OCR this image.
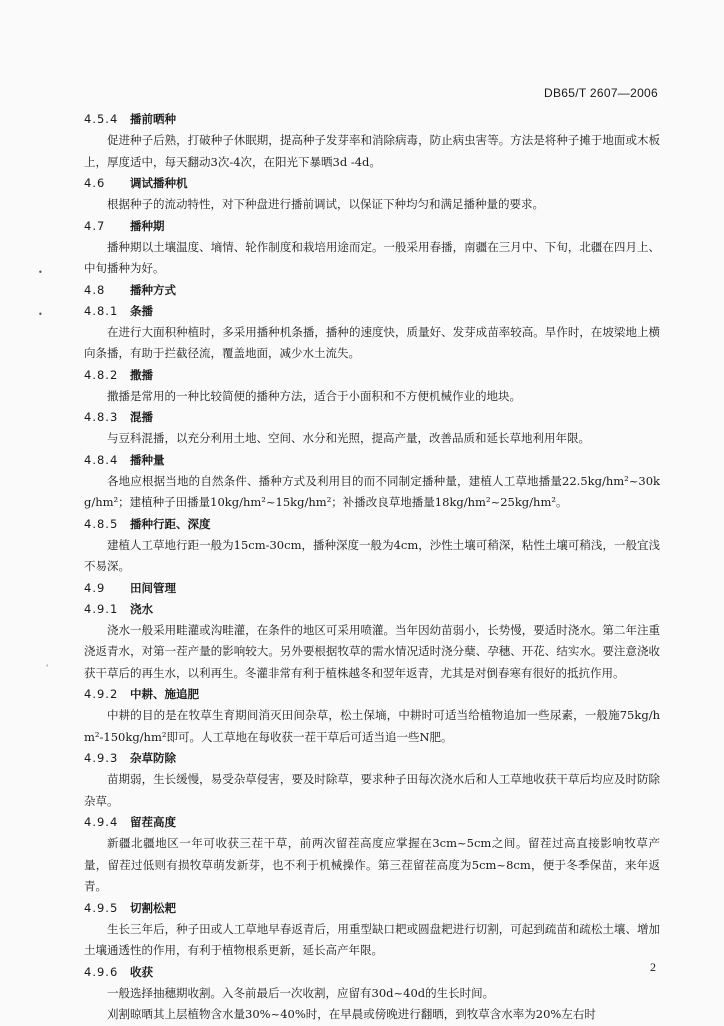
DB65/T 2607—2006
4.5.4 播前晒种
促进种子后熟，打破种子休眠期，提高种子发芽率和消除病毒，防止病虫害等。方法是将种子摊于地面或木板上，厚度适中，每天翻动3次-4次，在阳光下暴晒3d -4d。
4.6 调试播种机
根据种子的流动特性，对下种盘进行播前调试，以保证下种均匀和满足播种量的要求。
4.7 播种期
播种期以土壤温度、墒情、轮作制度和栽培用途而定。一般采用春播，南疆在三月中、下旬，北疆在四月上、中旬播种为好。
4.8 播种方式
4.8.1 条播
在进行大面积种植时，多采用播种机条播，播种的速度快，质量好、发芽成苗率较高。旱作时，在坡梁地上横向条播，有助于拦截径流，覆盖地面，减少水土流失。
4.8.2 撒播
撒播是常用的一种比较简便的播种方法，适合于小面积和不方便机械作业的地块。
4.8.3 混播
与豆科混播，以充分利用土地、空间、水分和光照，提高产量，改善品质和延长草地利用年限。
4.8.4 播种量
各地应根据当地的自然条件、播种方式及利用目的而不同制定播种量，建植人工草地播量22.5kg/hm²~30kg/hm²；建植种子田播量10kg/hm²~15kg/hm²；补播改良草地播量18kg/hm²~25kg/hm²。
4.8.5 播种行距、深度
建植人工草地行距一般为15cm-30cm，播种深度一般为4cm，沙性土壤可稍深，粘性土壤可稍浅，一般宜浅不易深。
4.9 田间管理
4.9.1 浇水
浇水一般采用畦灌或沟畦灌，在条件的地区可采用喷灌。当年因幼苗弱小，长势慢，要适时浇水。第二年注重浇返青水，对第一茬产量的影响较大。另外要根据牧草的需水情况适时浇分蘖、孕穗、开花、结实水。要注意浇收获干草后的再生水，以利再生。冬灌非常有利于植株越冬和翌年返青，尤其是对倒春寒有很好的抵抗作用。
4.9.2 中耕、施追肥
中耕的目的是在牧草生育期间消灭田间杂草，松土保墒，中耕时可适当给植物追加一些尿素，一般施75kg/hm²-150kg/hm²即可。人工草地在每收获一茬干草后可适当追一些N肥。
4.9.3 杂草防除
苗期弱，生长缓慢，易受杂草侵害，要及时除草，要求种子田每次浇水后和人工草地收获干草后均应及时防除杂草。
4.9.4 留茬高度
新疆北疆地区一年可收获三茬干草，前两次留茬高度应掌握在3cm~5cm之间。留茬过高直接影响牧草产量，留茬过低则有损牧草萌发新芽，也不利于机械操作。第三茬留茬高度为5cm~8cm，便于冬季保苗，来年返青。
4.9.5 切割松耙
生长三年后，种子田或人工草地早春返青后，用重型缺口耙或圆盘耙进行切割，可起到疏苗和疏松土壤、增加土壤通透性的作用，有利于植物根系更新，延长高产年限。
4.9.6 收获
一般选择抽穗期收割。入冬前最后一次收割，应留有30d~40d的生长时间。
刈割晾晒其上层植物含水量30%~40%时，在早晨或傍晚进行翻晒，到牧草含水率为20%左右时
•
•
ʹ
2
